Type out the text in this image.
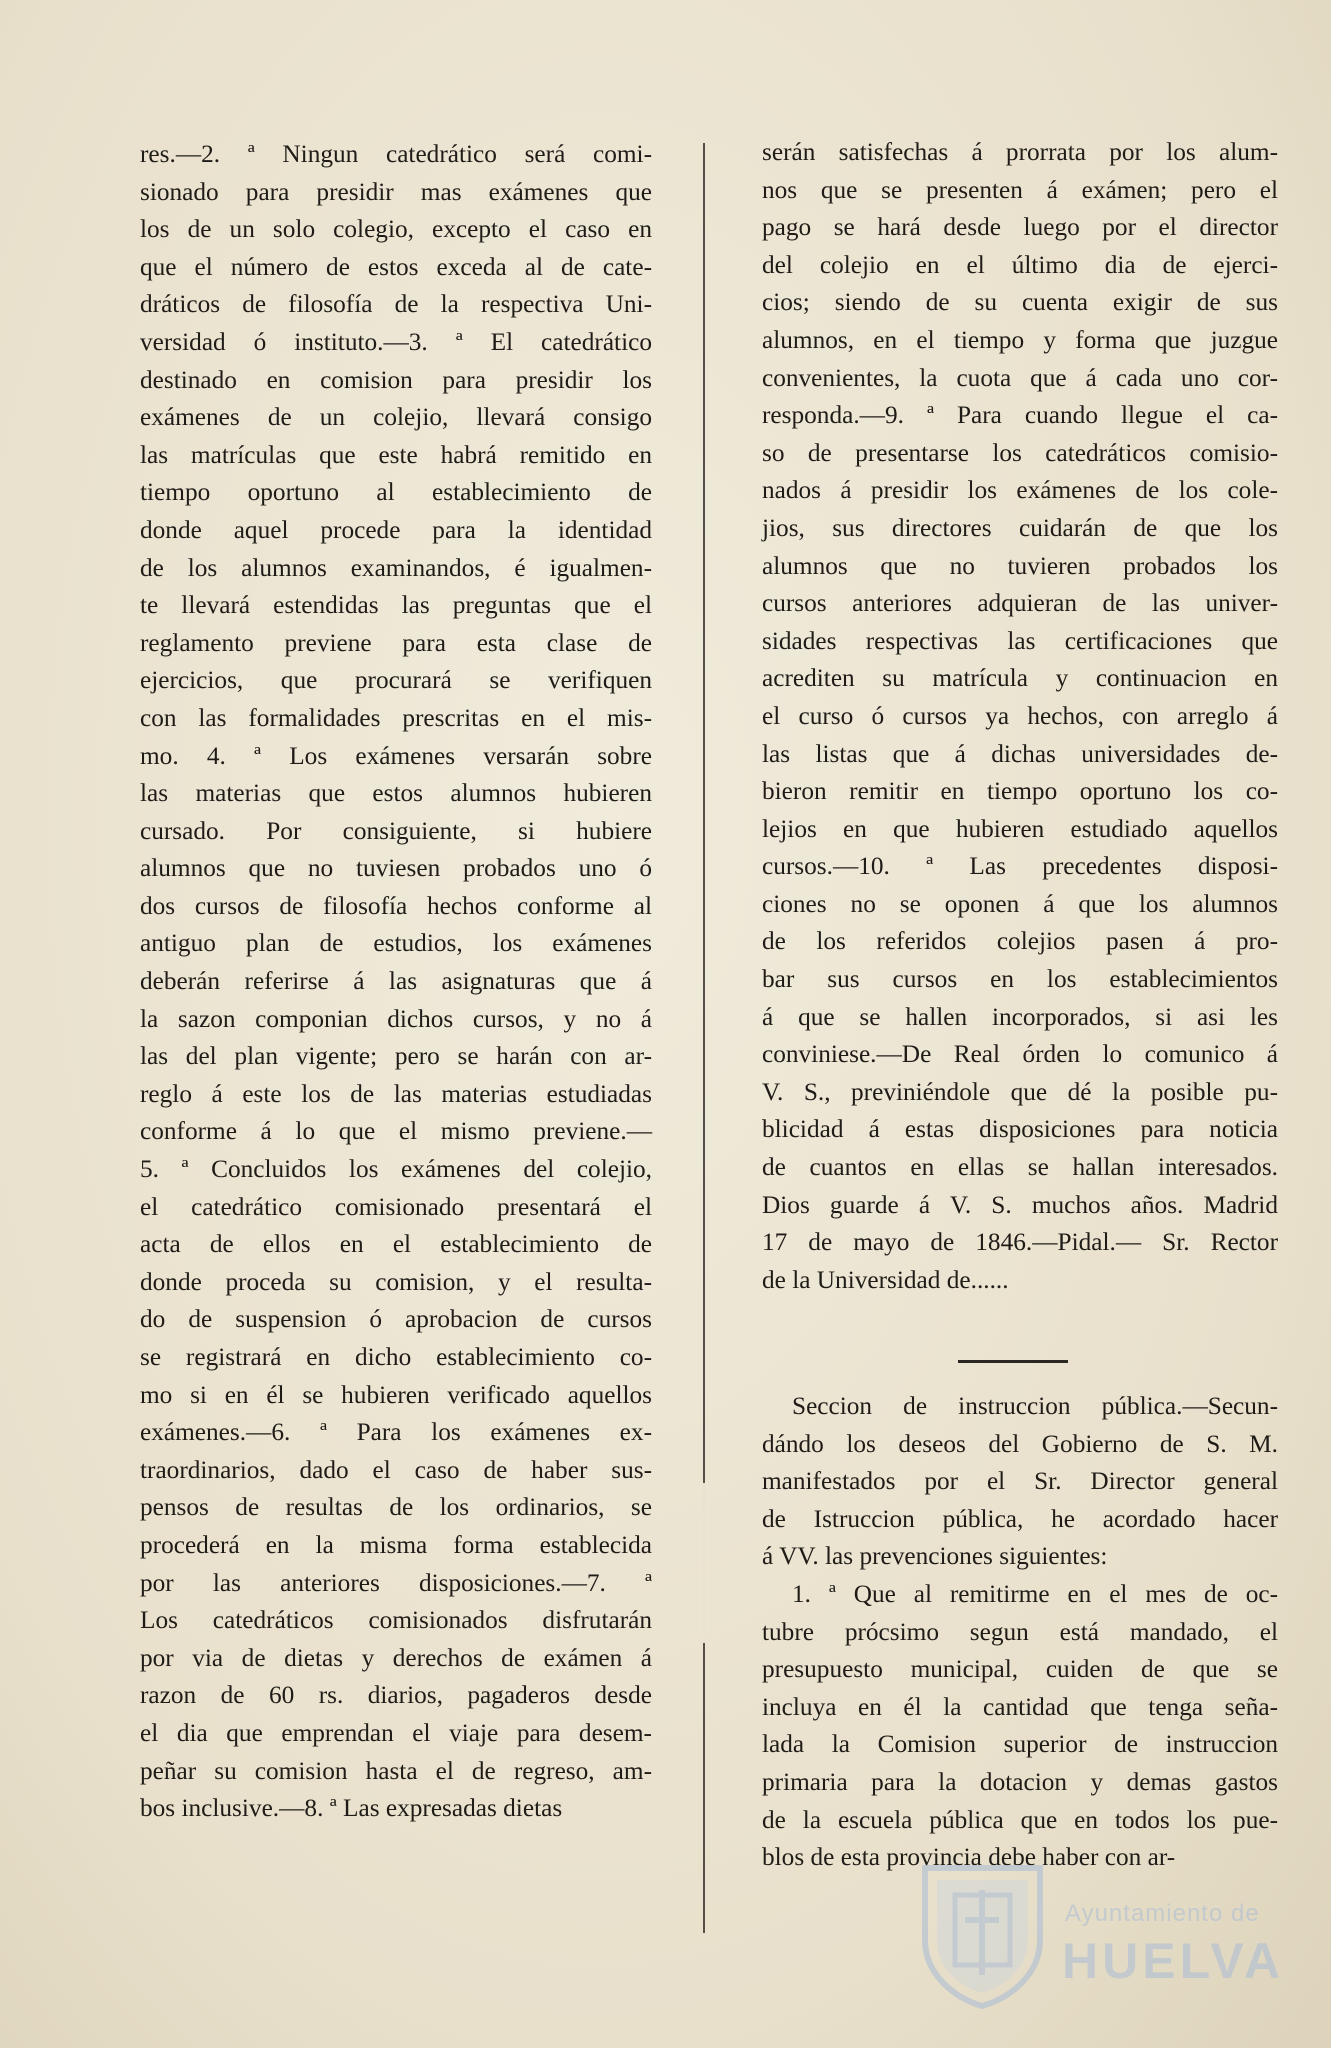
res.—2. ª Ningun catedrático será comi-
sionado para presidir mas exámenes que
los de un solo colegio, excepto el caso en
que el número de estos exceda al de cate-
dráticos de filosofía de la respectiva Uni-
versidad ó instituto.—3. ª El catedrático
destinado en comision para presidir los
exámenes de un colejio, llevará consigo
las matrículas que este habrá remitido en
tiempo oportuno al establecimiento de
donde aquel procede para la identidad
de los alumnos examinandos, é igualmen-
te llevará estendidas las preguntas que el
reglamento previene para esta clase de
ejercicios, que procurará se verifiquen
con las formalidades prescritas en el mis-
mo. 4. ª Los exámenes versarán sobre
las materias que estos alumnos hubieren
cursado. Por consiguiente, si hubiere
alumnos que no tuviesen probados uno ó
dos cursos de filosofía hechos conforme al
antiguo plan de estudios, los exámenes
deberán referirse á las asignaturas que á
la sazon componian dichos cursos, y no á
las del plan vigente; pero se harán con ar-
reglo á este los de las materias estudiadas
conforme á lo que el mismo previene.—
5. ª Concluidos los exámenes del colejio,
el catedrático comisionado presentará el
acta de ellos en el establecimiento de
donde proceda su comision, y el resulta-
do de suspension ó aprobacion de cursos
se registrará en dicho establecimiento co-
mo si en él se hubieren verificado aquellos
exámenes.—6. ª Para los exámenes ex-
traordinarios, dado el caso de haber sus-
pensos de resultas de los ordinarios, se
procederá en la misma forma establecida
por las anteriores disposiciones.—7. ª
Los catedráticos comisionados disfrutarán
por via de dietas y derechos de exámen á
razon de 60 rs. diarios, pagaderos desde
el dia que emprendan el viaje para desem-
peñar su comision hasta el de regreso, am-
bos inclusive.—8. ª Las expresadas dietas
serán satisfechas á prorrata por los alum-
nos que se presenten á exámen; pero el
pago se hará desde luego por el director
del colejio en el último dia de ejerci-
cios; siendo de su cuenta exigir de sus
alumnos, en el tiempo y forma que juzgue
convenientes, la cuota que á cada uno cor-
responda.—9. ª Para cuando llegue el ca-
so de presentarse los catedráticos comisio-
nados á presidir los exámenes de los cole-
jios, sus directores cuidarán de que los
alumnos que no tuvieren probados los
cursos anteriores adquieran de las univer-
sidades respectivas las certificaciones que
acrediten su matrícula y continuacion en
el curso ó cursos ya hechos, con arreglo á
las listas que á dichas universidades de-
bieron remitir en tiempo oportuno los co-
lejios en que hubieren estudiado aquellos
cursos.—10. ª Las precedentes disposi-
ciones no se oponen á que los alumnos
de los referidos colejios pasen á pro-
bar sus cursos en los establecimientos
á que se hallen incorporados, si asi les
conviniese.—De Real órden lo comunico á
V. S., previniéndole que dé la posible pu-
blicidad á estas disposiciones para noticia
de cuantos en ellas se hallan interesados.
Dios guarde á V. S. muchos años. Madrid
17 de mayo de 1846.—Pidal.— Sr. Rector
de la Universidad de......
Seccion de instruccion pública.—Secun-
dándo los deseos del Gobierno de S. M.
manifestados por el Sr. Director general
de Istruccion pública, he acordado hacer
á VV. las prevenciones siguientes:
1. ª Que al remitirme en el mes de oc-
tubre prócsimo segun está mandado, el
presupuesto municipal, cuiden de que se
incluya en él la cantidad que tenga seña-
lada la Comision superior de instruccion
primaria para la dotacion y demas gastos
de la escuela pública que en todos los pue-
blos de esta provincia debe haber con ar-
Ayuntamiento de
HUELVA
